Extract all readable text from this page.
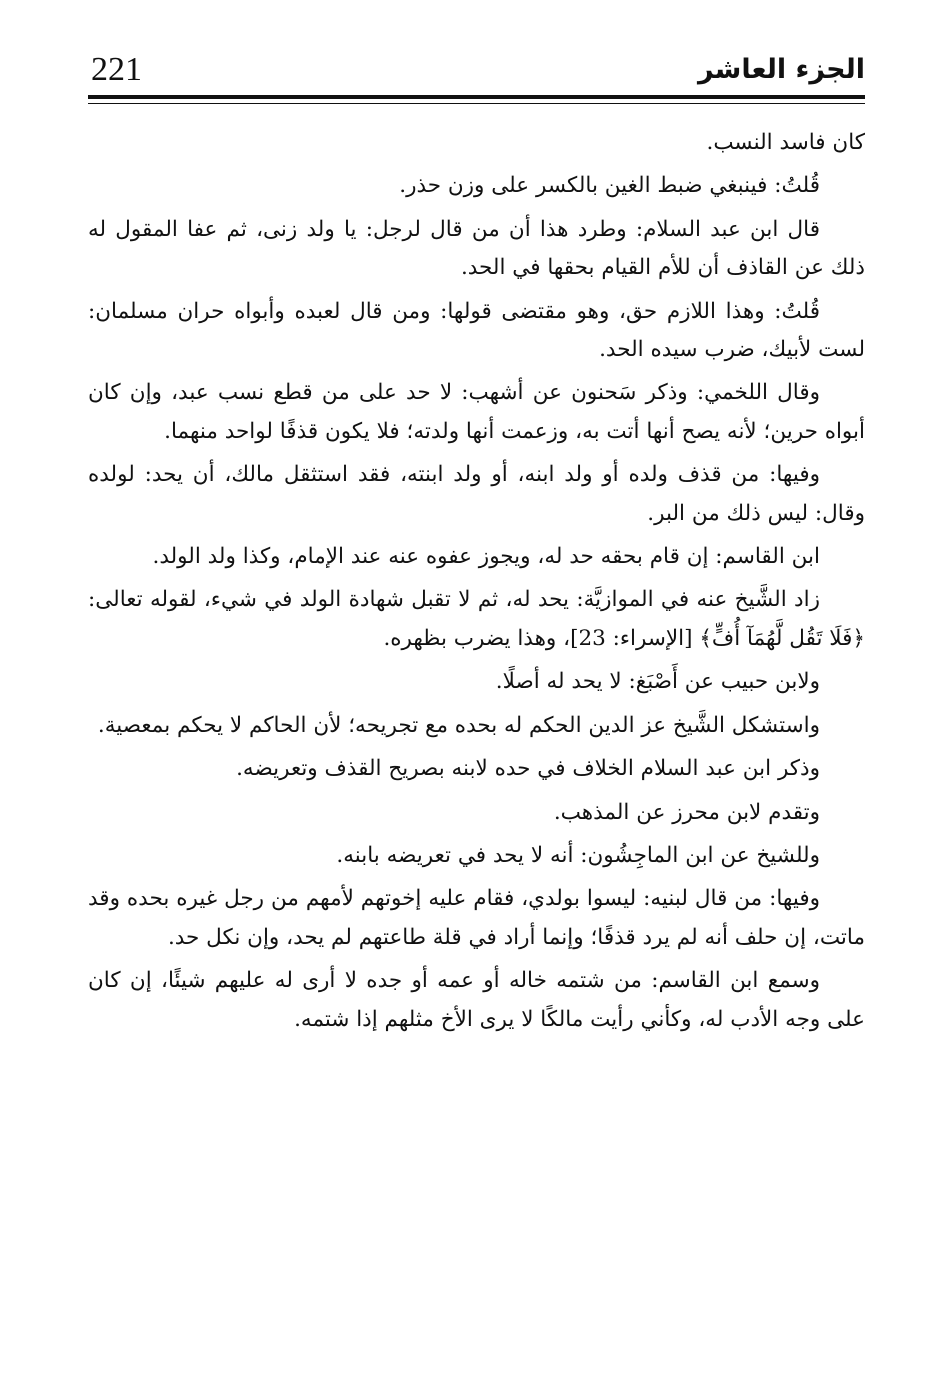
221	الجزء العاشر

كان فاسد النسب.

قُلتُ: فينبغي ضبط الغين بالكسر على وزن حذر.

قال ابن عبد السلام: وطرد هذا أن من قال لرجل: يا ولد زنى، ثم عفا المقول له ذلك عن القاذف أن للأم القيام بحقها في الحد.

قُلتُ: وهذا اللازم حق، وهو مقتضى قولها: ومن قال لعبده وأبواه حران مسلمان: لست لأبيك، ضرب سيده الحد.

وقال اللخمي: وذكر سَحنون عن أشهب: لا حد على من قطع نسب عبد، وإن كان أبواه حرين؛ لأنه يصح أنها أتت به، وزعمت أنها ولدته؛ فلا يكون قذفًا لواحد منهما.

وفيها: من قذف ولده أو ولد ابنه، أو ولد ابنته، فقد استثقل مالك، أن يحد: لولده وقال: ليس ذلك من البر.

ابن القاسم: إن قام بحقه حد له، ويجوز عفوه عنه عند الإمام، وكذا ولد الولد.

زاد الشَّيخ عنه في الموازيَّة: يحد له، ثم لا تقبل شهادة الولد في شيء، لقوله تعالى: ﴿فَلَا تَقُل لَّهُمَآ أُفٍّ﴾ [الإسراء: 23]، وهذا يضرب بظهره.

ولابن حبيب عن أَصْبَغ: لا يحد له أصلًا.

واستشكل الشَّيخ عز الدين الحكم له بحده مع تجريحه؛ لأن الحاكم لا يحكم بمعصية.

وذكر ابن عبد السلام الخلاف في حده لابنه بصريح القذف وتعريضه.

وتقدم لابن محرز عن المذهب.

وللشيخ عن ابن الماجِشُون: أنه لا يحد في تعريضه بابنه.

وفيها: من قال لبنيه: ليسوا بولدي، فقام عليه إخوتهم لأمهم من رجل غيره بحده وقد ماتت، إن حلف أنه لم يرد قذفًا؛ وإنما أراد في قلة طاعتهم لم يحد، وإن نكل حد.

وسمع ابن القاسم: من شتمه خاله أو عمه أو جده لا أرى له عليهم شيئًا، إن كان على وجه الأدب له، وكأني رأيت مالكًا لا يرى الأخ مثلهم إذا شتمه.
